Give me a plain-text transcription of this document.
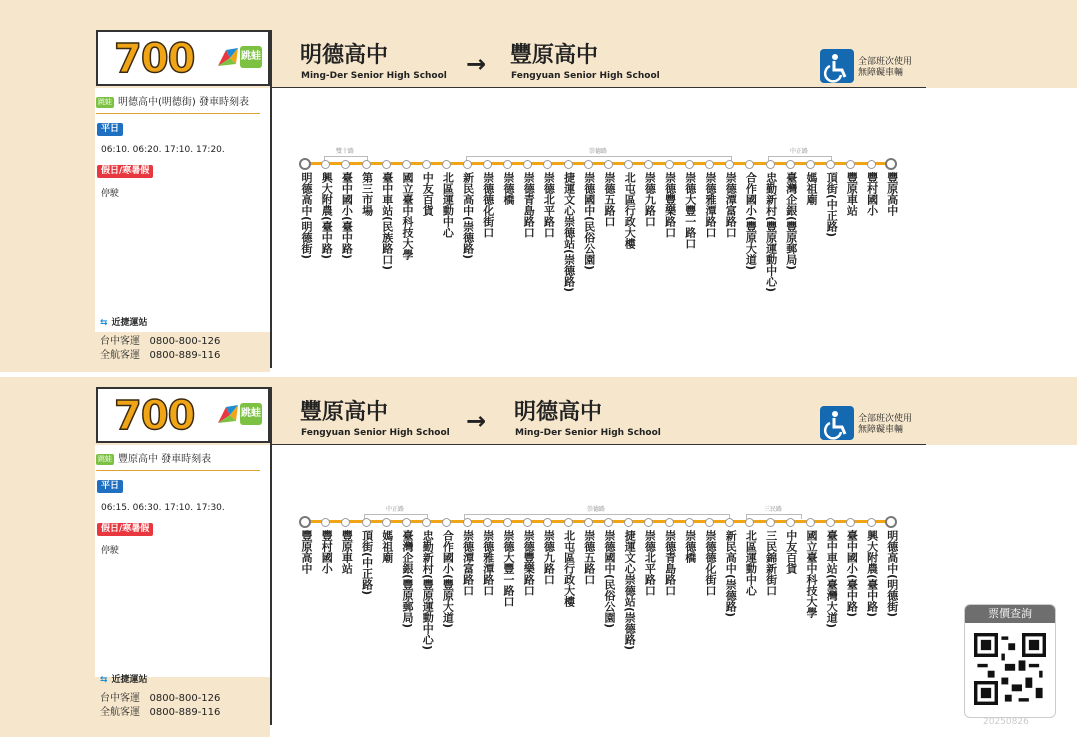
700	跳蛙 明德高中
Ming-Der Senior High School → 豐原高中
Fengyuan Senior High School
全部班次使用
無障礙車輛
跳蛙 明德高中(明德街) 發車時刻表
平日
06:10. 06:20. 17:10. 17:20.
假日/寒暑假
停駛
⇆ 近捷運站
台中客運 0800-800-126
全航客運 0800-889-116
雙十路	崇德路	中正路
明德高中(明德街) 興大附農(臺中路) 臺中國小(臺中路) 第三市場 臺中車站(民族路口) 國立臺中科技大學 中友百貨 北區運動中心 新民高中(崇德路) 崇德德化街口 崇德橋 崇德青島路口 崇德北平路口 捷運文心崇德站(崇德路) 崇德國中(民俗公園) 崇德五路口 北屯區行政大樓 崇德九路口 崇德豐樂路口 崇德大豐一路口 崇德雅潭路口 崇德潭富路口 合作國小(豐原大道) 忠勤新村(豐原運動中心) 臺灣企銀(豐原郵局) 媽祖廟 頂街(中正路) 豐原車站 豐村國小 豐原高中
700	跳蛙 豐原高中
Fengyuan Senior High School → 明德高中
Ming-Der Senior High School
全部班次使用
無障礙車輛
跳蛙 豐原高中 發車時刻表
平日
06:15. 06:30. 17:10. 17:30.
假日/寒暑假
停駛
⇆ 近捷運站
台中客運 0800-800-126
全航客運 0800-889-116
中正路	崇德路	三民路
豐原高中 豐村國小 豐原車站 頂街(中正路) 媽祖廟 臺灣企銀(豐原郵局) 忠勤新村(豐原運動中心) 合作國小(豐原大道) 崇德潭富路口 崇德雅潭路口 崇德大豐一路口 崇德豐樂路口 崇德九路口 北屯區行政大樓 崇德五路口 崇德國中(民俗公園) 捷運文心崇德站(崇德路) 崇德北平路口 崇德青島路口 崇德橋 崇德德化街口 新民高中(崇德路) 北區運動中心 三民錦新街口 中友百貨 國立臺中科技大學 臺中車站(臺灣大道) 臺中國小(臺中路) 興大附農(臺中路) 明德高中(明德街)	票價查詢
20250826
